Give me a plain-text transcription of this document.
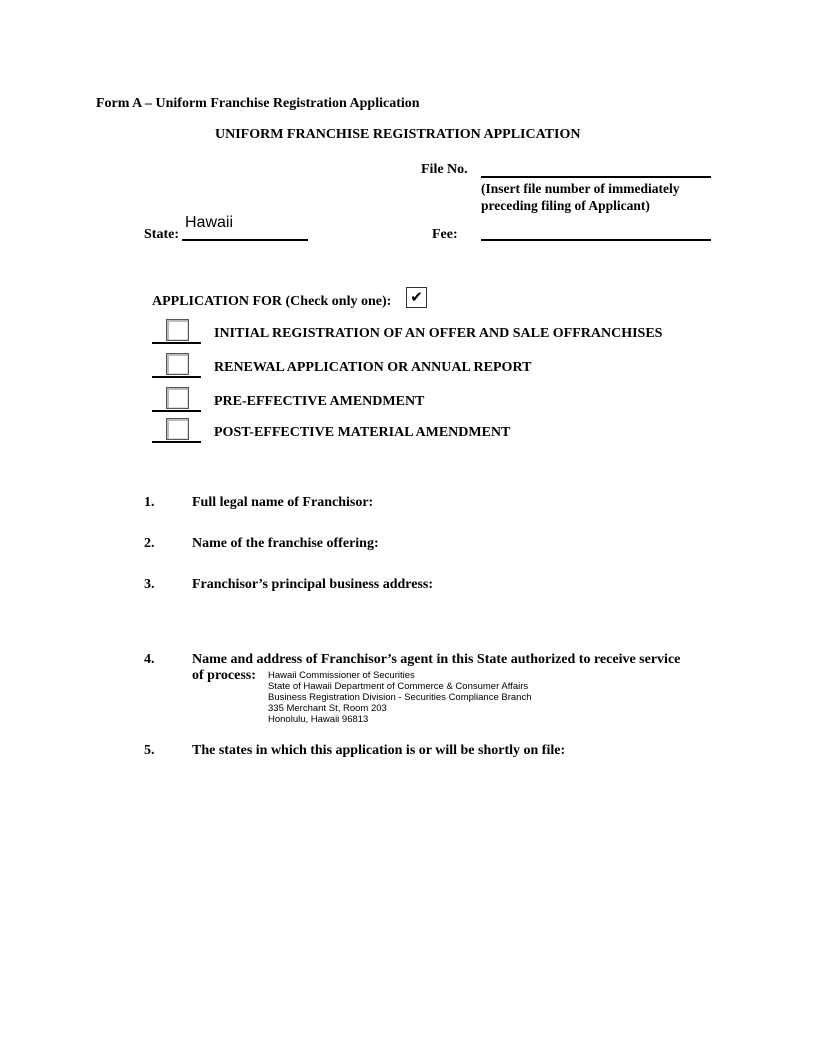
Form A – Uniform Franchise Registration Application
UNIFORM FRANCHISE REGISTRATION APPLICATION
File No.
(Insert file number of immediately
preceding filing of Applicant)
State:
Hawaii
Fee:
APPLICATION FOR (Check only one): ✔
INITIAL REGISTRATION OF AN OFFER AND SALE OFFRANCHISES
RENEWAL APPLICATION OR ANNUAL REPORT
PRE-EFFECTIVE AMENDMENT
POST-EFFECTIVE MATERIAL AMENDMENT
1.	Full legal name of Franchisor:
2.	Name of the franchise offering:
3.	Franchisor’s principal business address:
4.	Name and address of Franchisor’s agent in this State authorized to receive service
of process: Hawaii Commissioner of Securities
State of Hawaii Department of Commerce & Consumer Affairs
Business Registration Division - Securities Compliance Branch
335 Merchant St, Room 203
Honolulu, Hawaii 96813
5.	The states in which this application is or will be shortly on file:
